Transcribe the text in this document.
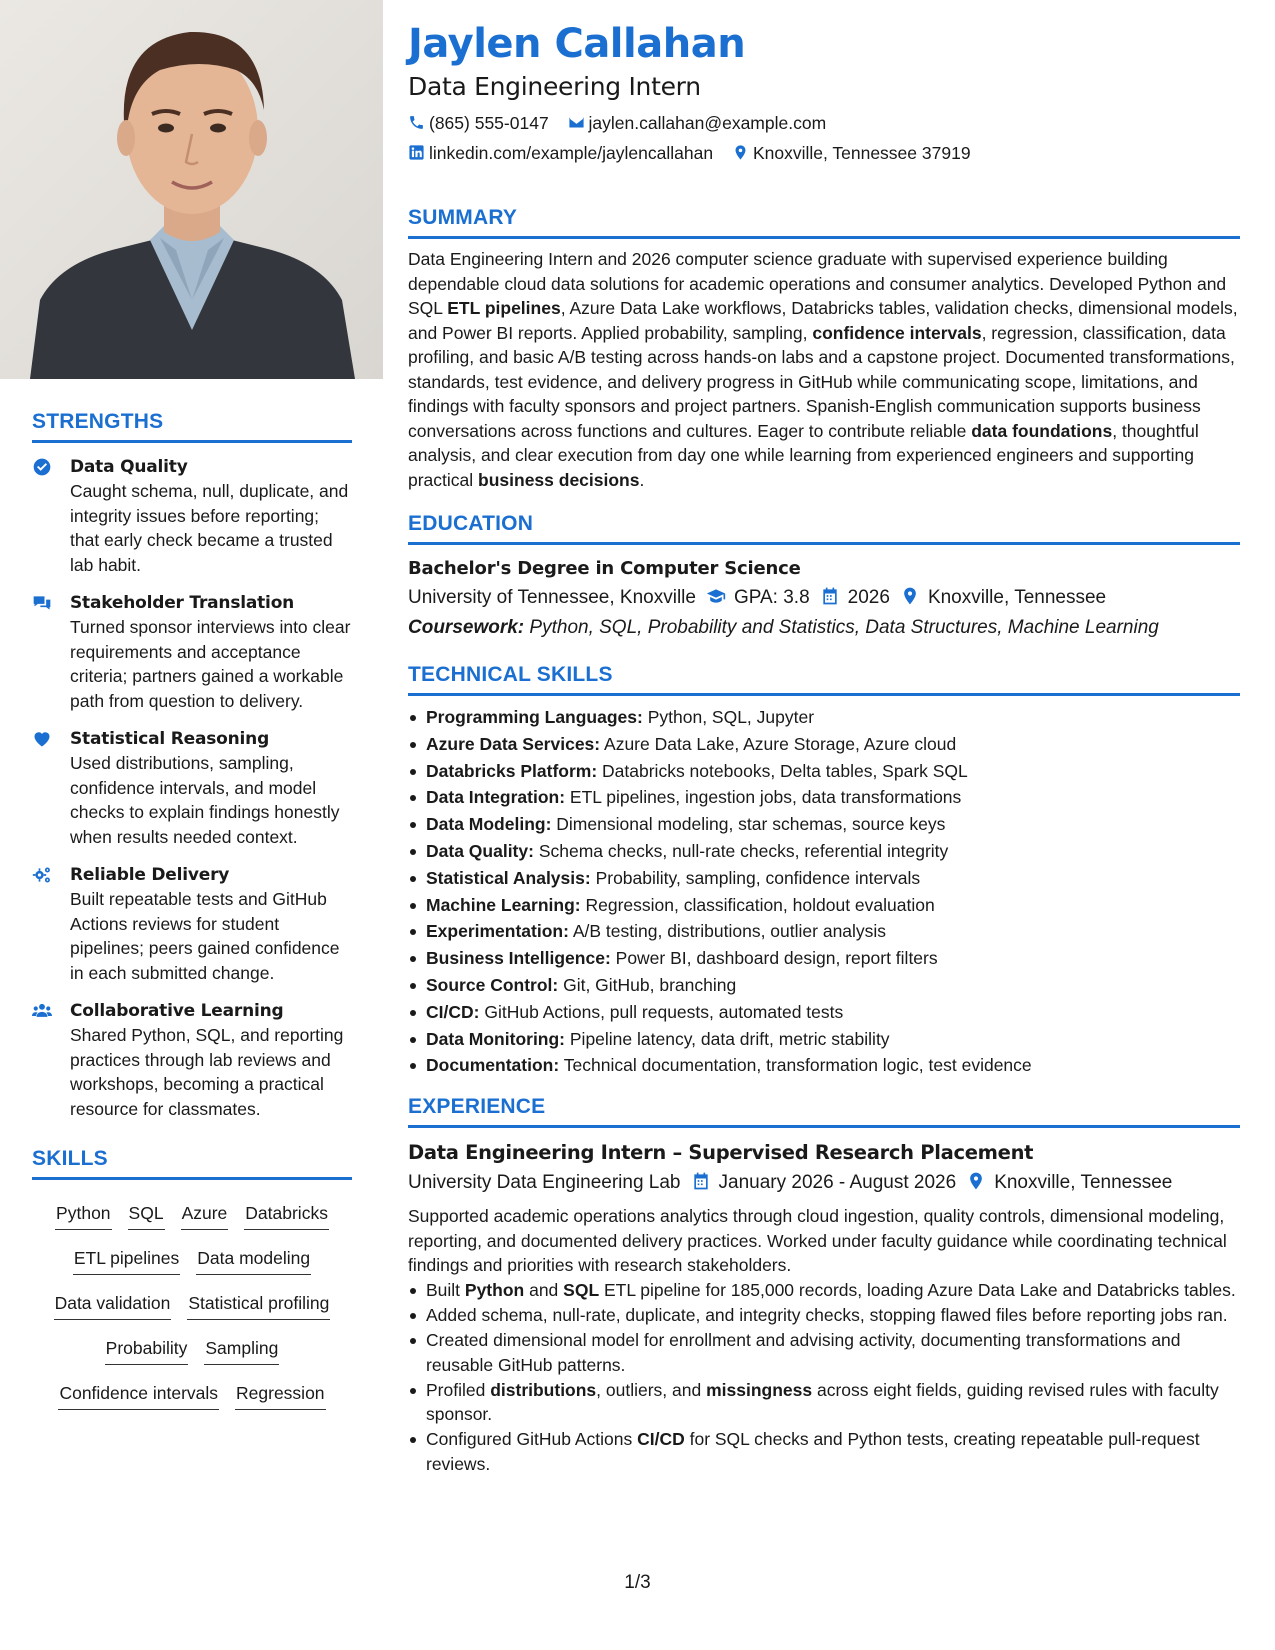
STRENGTHS
Data Quality
Caught schema, null, duplicate, and integrity issues before reporting; that early check became a trusted lab habit.
Stakeholder Translation
Turned sponsor interviews into clear requirements and acceptance criteria; partners gained a workable path from question to delivery.
Statistical Reasoning
Used distributions, sampling, confidence intervals, and model checks to explain findings honestly when results needed context.
Reliable Delivery
Built repeatable tests and GitHub Actions reviews for student pipelines; peers gained confidence in each submitted change.
Collaborative Learning
Shared Python, SQL, and reporting practices through lab reviews and workshops, becoming a practical resource for classmates.
SKILLS
Python SQL Azure Databricks
ETL pipelines Data modeling
Data validation Statistical profiling
Probability Sampling
Confidence intervals Regression
Jaylen Callahan
Data Engineering Intern
(865) 555-0147 jaylen.callahan@example.com
linkedin.com/example/jaylencallahan Knoxville, Tennessee 37919
SUMMARY
Data Engineering Intern and 2026 computer science graduate with supervised experience building dependable cloud data solutions for academic operations and consumer analytics. Developed Python and SQL ETL pipelines, Azure Data Lake workflows, Databricks tables, validation checks, dimensional models, and Power BI reports. Applied probability, sampling, confidence intervals, regression, classification, data profiling, and basic A/B testing across hands-on labs and a capstone project. Documented transformations, standards, test evidence, and delivery progress in GitHub while communicating scope, limitations, and findings with faculty sponsors and project partners. Spanish-English communication supports business conversations across functions and cultures. Eager to contribute reliable data foundations, thoughtful analysis, and clear execution from day one while learning from experienced engineers and supporting practical business decisions.
EDUCATION
Bachelor's Degree in Computer Science
University of Tennessee, Knoxville GPA: 3.8 2026 Knoxville, Tennessee
Coursework: Python, SQL, Probability and Statistics, Data Structures, Machine Learning
TECHNICAL SKILLS
Programming Languages: Python, SQL, Jupyter
Azure Data Services: Azure Data Lake, Azure Storage, Azure cloud
Databricks Platform: Databricks notebooks, Delta tables, Spark SQL
Data Integration: ETL pipelines, ingestion jobs, data transformations
Data Modeling: Dimensional modeling, star schemas, source keys
Data Quality: Schema checks, null-rate checks, referential integrity
Statistical Analysis: Probability, sampling, confidence intervals
Machine Learning: Regression, classification, holdout evaluation
Experimentation: A/B testing, distributions, outlier analysis
Business Intelligence: Power BI, dashboard design, report filters
Source Control: Git, GitHub, branching
CI/CD: GitHub Actions, pull requests, automated tests
Data Monitoring: Pipeline latency, data drift, metric stability
Documentation: Technical documentation, transformation logic, test evidence
EXPERIENCE
Data Engineering Intern – Supervised Research Placement
University Data Engineering Lab January 2026 - August 2026 Knoxville, Tennessee
Supported academic operations analytics through cloud ingestion, quality controls, dimensional modeling, reporting, and documented delivery practices. Worked under faculty guidance while coordinating technical findings and priorities with research stakeholders.
Built Python and SQL ETL pipeline for 185,000 records, loading Azure Data Lake and Databricks tables.
Added schema, null-rate, duplicate, and integrity checks, stopping flawed files before reporting jobs ran.
Created dimensional model for enrollment and advising activity, documenting transformations and reusable GitHub patterns.
Profiled distributions, outliers, and missingness across eight fields, guiding revised rules with faculty sponsor.
Configured GitHub Actions CI/CD for SQL checks and Python tests, creating repeatable pull-request reviews.
1/3
